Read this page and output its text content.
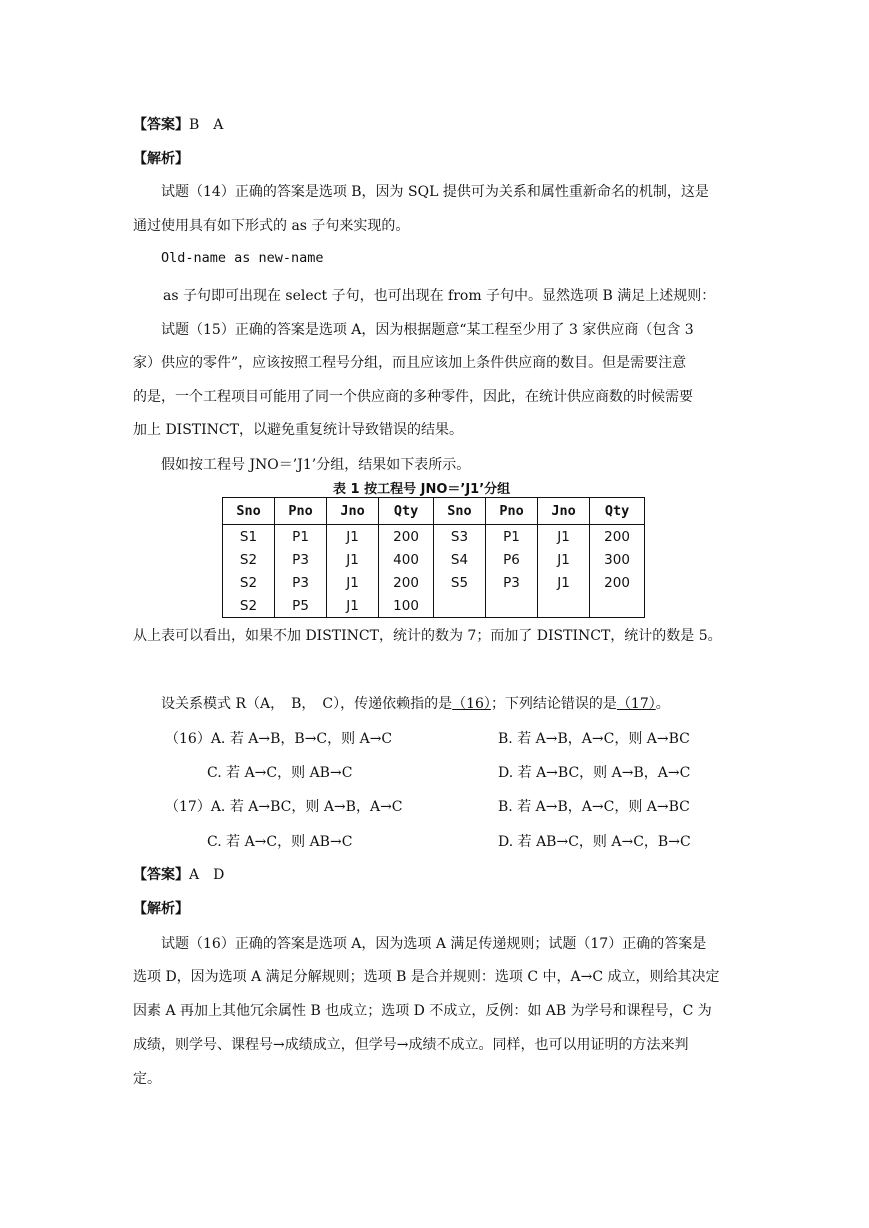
【答案】B　A
【解析】
试题（14）正确的答案是选项 B，因为 SQL 提供可为关系和属性重新命名的机制，这是
通过使用具有如下形式的 as 子句来实现的。
Old-name as new-name
as 子句即可出现在 select 子句，也可出现在 from 子句中。显然选项 B 满足上述规则：
试题（15）正确的答案是选项 A，因为根据题意“某工程至少用了 3 家供应商（包含 3
家）供应的零件”，应该按照工程号分组，而且应该加上条件供应商的数目。但是需要注意
的是，一个工程项目可能用了同一个供应商的多种零件，因此，在统计供应商数的时候需要
加上 DISTINCT，以避免重复统计导致错误的结果。
假如按工程号 JNO＝’J1’分组，结果如下表所示。
表 1 按工程号 JNO＝’J1’分组
Sno	Pno	Jno	Qty	Sno	Pno	Jno	Qty
S1	P1	J1	200	S3	P1	J1	200
S2	P3	J1	400	S4	P6	J1	300
S2	P3	J1	200	S5	P3	J1	200
S2	P5	J1	100				
从上表可以看出，如果不加 DISTINCT，统计的数为 7；而加了 DISTINCT，统计的数是 5。
设关系模式 R（A，　B，　C），传递依赖指的是（16）；下列结论错误的是（17）。
（16）A. 若 A→B，B→C，则 A→C	B. 若 A→B，A→C，则 A→BC
C. 若 A→C，则 AB→C	D. 若 A→BC，则 A→B，A→C
（17）A. 若 A→BC，则 A→B，A→C	B. 若 A→B，A→C，则 A→BC
C. 若 A→C，则 AB→C	D. 若 AB→C，则 A→C，B→C
【答案】A　D
【解析】
试题（16）正确的答案是选项 A，因为选项 A 满足传递规则；试题（17）正确的答案是
选项 D，因为选项 A 满足分解规则；选项 B 是合并规则：选项 C 中，A→C 成立，则给其决定
因素 A 再加上其他冗余属性 B 也成立；选项 D 不成立，反例：如 AB 为学号和课程号，C 为
成绩，则学号、课程号→成绩成立，但学号→成绩不成立。同样，也可以用证明的方法来判
定。
